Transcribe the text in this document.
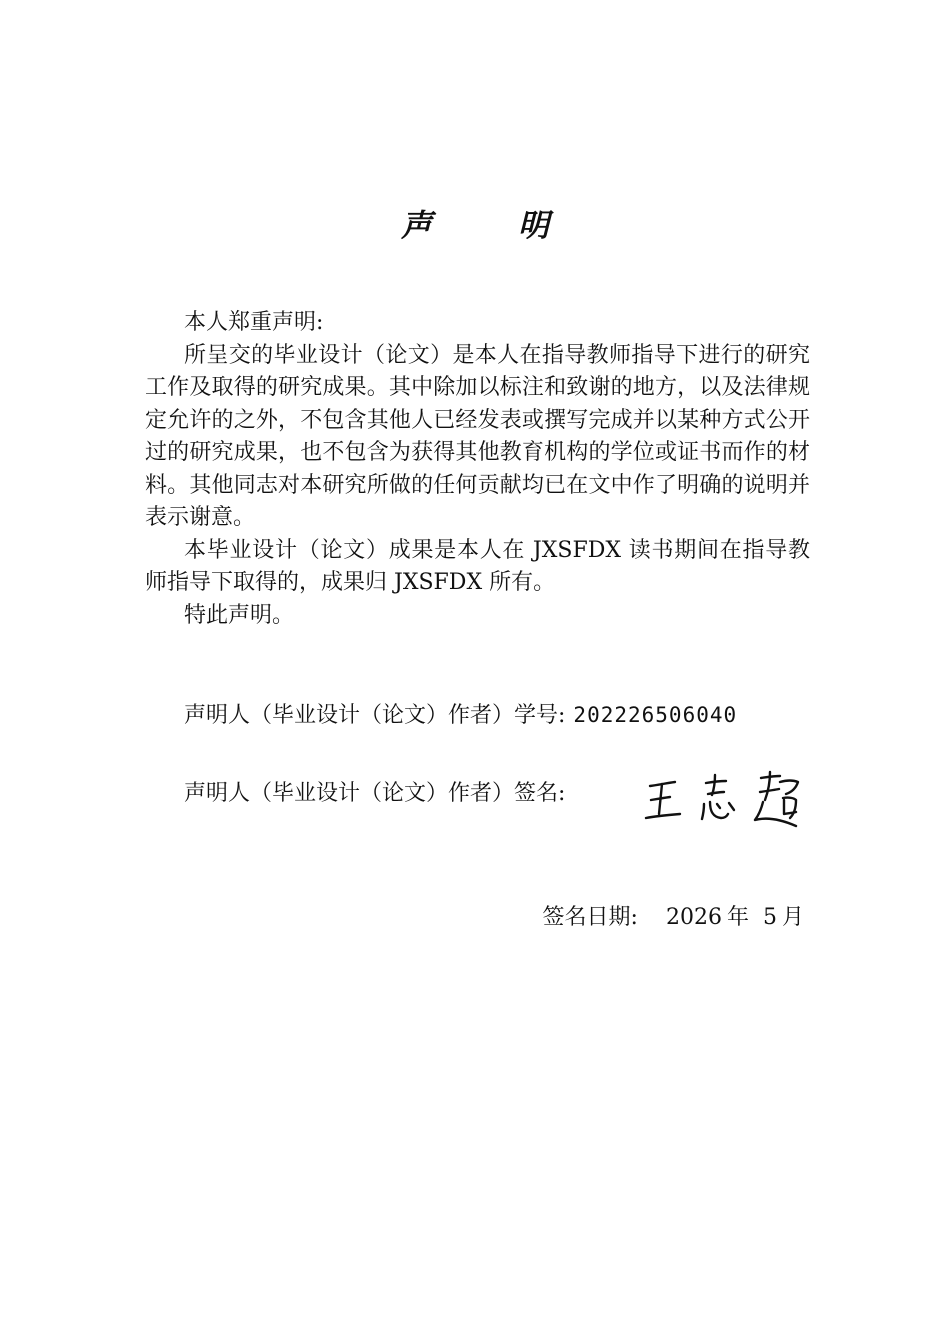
声明

本人郑重声明:

所呈交的毕业设计（论文）是本人在指导教师指导下进行的研究工作及取得的研究成果。其中除加以标注和致谢的地方，以及法律规定允许的之外，不包含其他人已经发表或撰写完成并以某种方式公开过的研究成果，也不包含为获得其他教育机构的学位或证书而作的材料。其他同志对本研究所做的任何贡献均已在文中作了明确的说明并表示谢意。

本毕业设计（论文）成果是本人在 JXSFDX 读书期间在指导教师指导下取得的，成果归 JXSFDX 所有。

特此声明。

声明人（毕业设计（论文）作者）学号: 202226506040
声明人（毕业设计（论文）作者）签名:
签名日期: 2026 年 5 月
